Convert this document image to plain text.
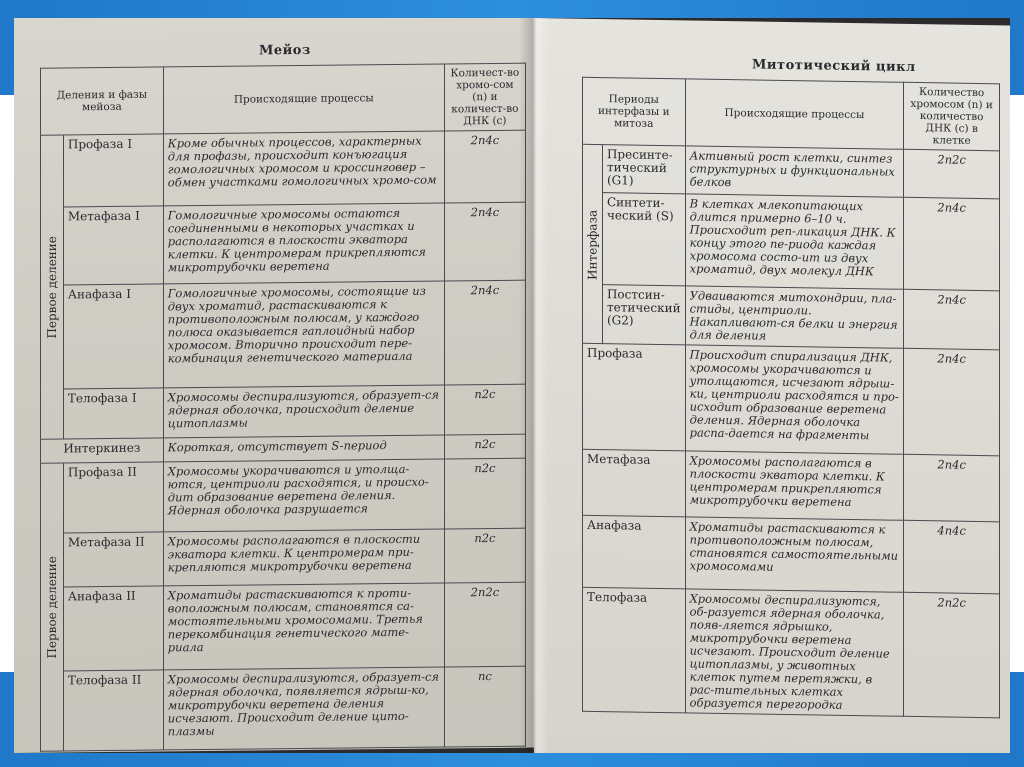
Мейоз
Деления и фазы мейоза		Происходящие процессы	Количест-во хромо-сом (n) и количест-во ДНК (c)
Первое деление	Профаза I	Кроме обычных процессов, характерных для профазы, происходит конъюгация гомологичных хромосом и кроссинговер – обмен участками гомологичных хромо-сом	2n4c
	Метафаза I	Гомологичные хромосомы остаются соединенными в некоторых участках и располагаются в плоскости экватора клетки. К центромерам прикрепляются микротрубочки веретена	2n4c
	Анафаза I	Гомологичные хромосомы, состоящие из двух хроматид, растаскиваются к противоположным полюсам, у каждого полюса оказывается гаплоидный набор хромосом. Вторично происходит пере-комбинация генетического материала	2n4c
	Телофаза I	Хромосомы деспирализуются, образует-ся ядерная оболочка, происходит деление цитоплазмы	n2c
Интеркинез		Короткая, отсутствует S-период	n2c
Первое деление	Профаза II	Хромосомы укорачиваются и утолща-ются, центриоли расходятся, и происхо-дит образование веретена деления. Ядерная оболочка разрушается	n2c
	Метафаза II	Хромосомы располагаются в плоскости экватора клетки. К центромерам при-крепляются микротрубочки веретена	n2c
	Анафаза II	Хроматиды растаскиваются к проти-воположным полюсам, становятся са-мостоятельными хромосомами. Третья перекомбинация генетического мате-риала	2n2c
	Телофаза II	Хромосомы деспирализуются, образует-ся ядерная оболочка, появляется ядрыш-ко, микротрубочки веретена деления исчезают. Происходит деление цито-плазмы	nc
Митотический цикл
Периоды интерфазы и митоза		Происходящие процессы	Количество хромосом (n) и количество ДНК (c) в клетке
Интерфаза	Пресинте-тический (G1)	Активный рост клетки, синтез структурных и функциональных белков	2n2c
	Синтети-ческий (S)	В клетках млекопитающих длится примерно 6–10 ч. Происходит реп-ликация ДНК. К концу этого пе-риода каждая хромосома состо-ит из двух хроматид, двух молекул ДНК	2n4c
	Постсин-тетический (G2)	Удваиваются митохондрии, пла-стиды, центриоли. Накапливают-ся белки и энергия для деления	2n4c
Профаза		Происходит спирализация ДНК, хромосомы укорачиваются и утолщаются, исчезают ядрыш-ки, центриоли расходятся и про-исходит образование веретена деления. Ядерная оболочка распа-дается на фрагменты	2n4c
Метафаза		Хромосомы располагаются в плоскости экватора клетки. К центромерам прикрепляются микротрубочки веретена	2n4c
Анафаза		Хроматиды растаскиваются к противоположным полюсам, становятся самостоятельными хромосомами	4n4c
Телофаза		Хромосомы деспирализуются, об-разуется ядерная оболочка, появ-ляется ядрышко, микротрубочки веретена исчезают. Происходит деление цитоплазмы, у животных клеток путем перетяжки, в рас-тительных клетках образуется перегородка	2n2c
